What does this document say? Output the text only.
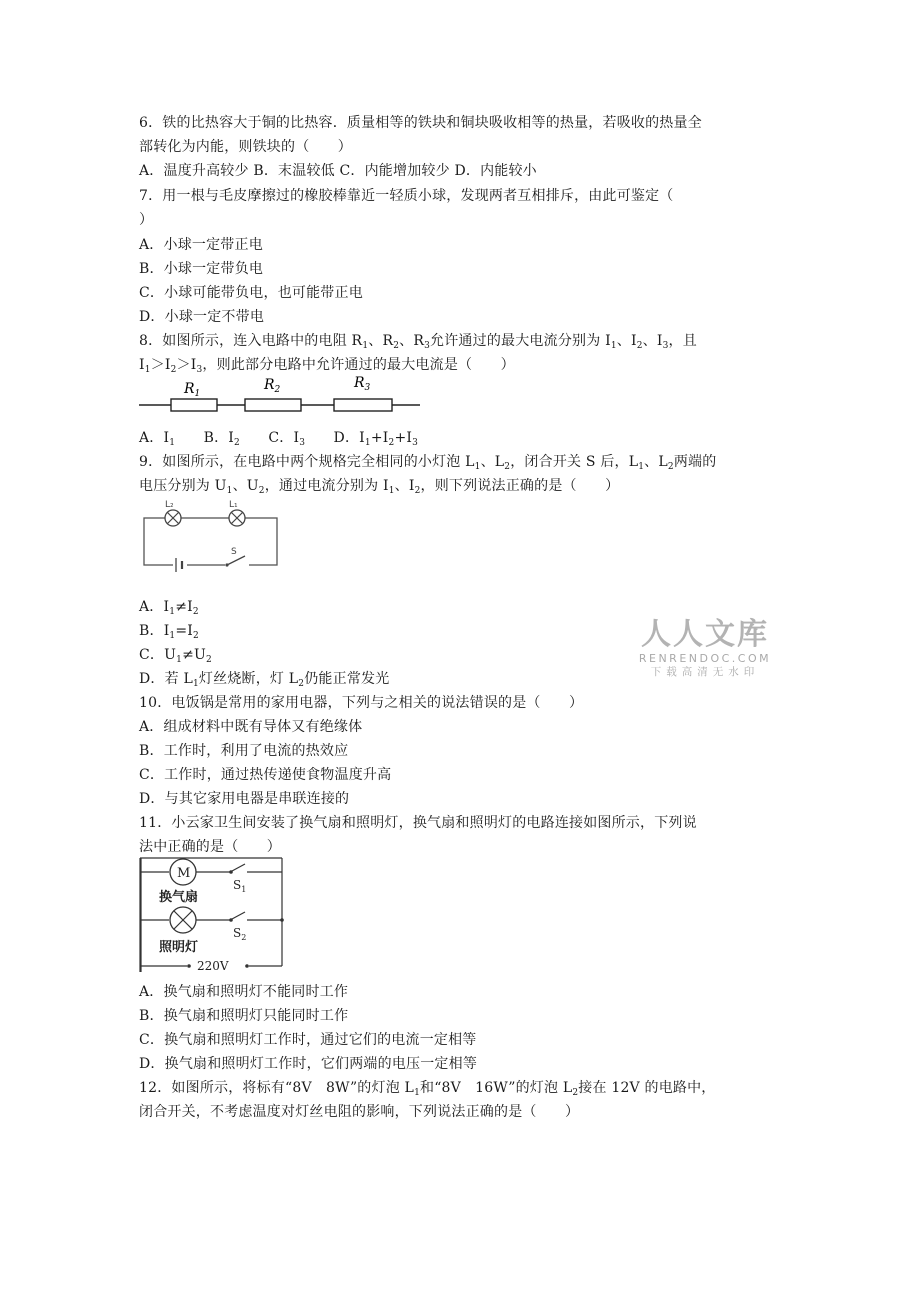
6．铁的比热容大于铜的比热容．质量相等的铁块和铜块吸收相等的热量，若吸收的热量全
部转化为内能，则铁块的（　　）
A．温度升高较少 B．末温较低 C．内能增加较少 D．内能较小
7．用一根与毛皮摩擦过的橡胶棒靠近一轻质小球，发现两者互相排斥，由此可鉴定（
）
A．小球一定带正电
B．小球一定带负电
C．小球可能带负电，也可能带正电
D．小球一定不带电
8．如图所示，连入电路中的电阻 $R_1$、$R_2$、$R_3$允许通过的最大电流分别为 $I_1$、$I_2$、$I_3$，且
$I_1>I_2>I_3$，则此部分电路中允许通过的最大电流是（　　）
$R_1$
$R_2$	$R_3$
A．$I_1$　　 B．$I_2$　　 C．$I_3$　　 D．$I_1+I_2+I_3$
9．如图所示，在电路中两个规格完全相同的小灯泡 $L_1$、$L_2$，闭合开关 S 后，$L_1$、$L_2$两端的
电压分别为 $U_1$、$U_2$，通过电流分别为 $I_1$、$I_2$，则下列说法正确的是（　　）
L₂	L₁
S
A．$I_1\ne I_2$
B．$I_1=I_2$
C．$U_1\ne U_2$
D．若 $L_1$灯丝烧断，灯 $L_2$仍能正常发光
10．电饭锅是常用的家用电器，下列与之相关的说法错误的是（　　）
A．组成材料中既有导体又有绝缘体
B．工作时，利用了电流的热效应
C．工作时，通过热传递使食物温度升高
D．与其它家用电器是串联连接的
11．小云家卫生间安装了换气扇和照明灯，换气扇和照明灯的电路连接如图所示，下列说
法中正确的是（　　）
M
$S_1$
换气扇
$S_2$
照明灯
220V
A．换气扇和照明灯不能同时工作
B．换气扇和照明灯只能同时工作
C．换气扇和照明灯工作时，通过它们的电流一定相等
D．换气扇和照明灯工作时，它们两端的电压一定相等
12．如图所示，将标有“8V　8W”的灯泡 $L_1$和“8V　16W”的灯泡 $L_2$接在 12V 的电路中，
闭合开关，不考虑温度对灯丝电阻的影响，下列说法正确的是（　　）
人人文库
RENRENDOC.COM
下载高清无水印
